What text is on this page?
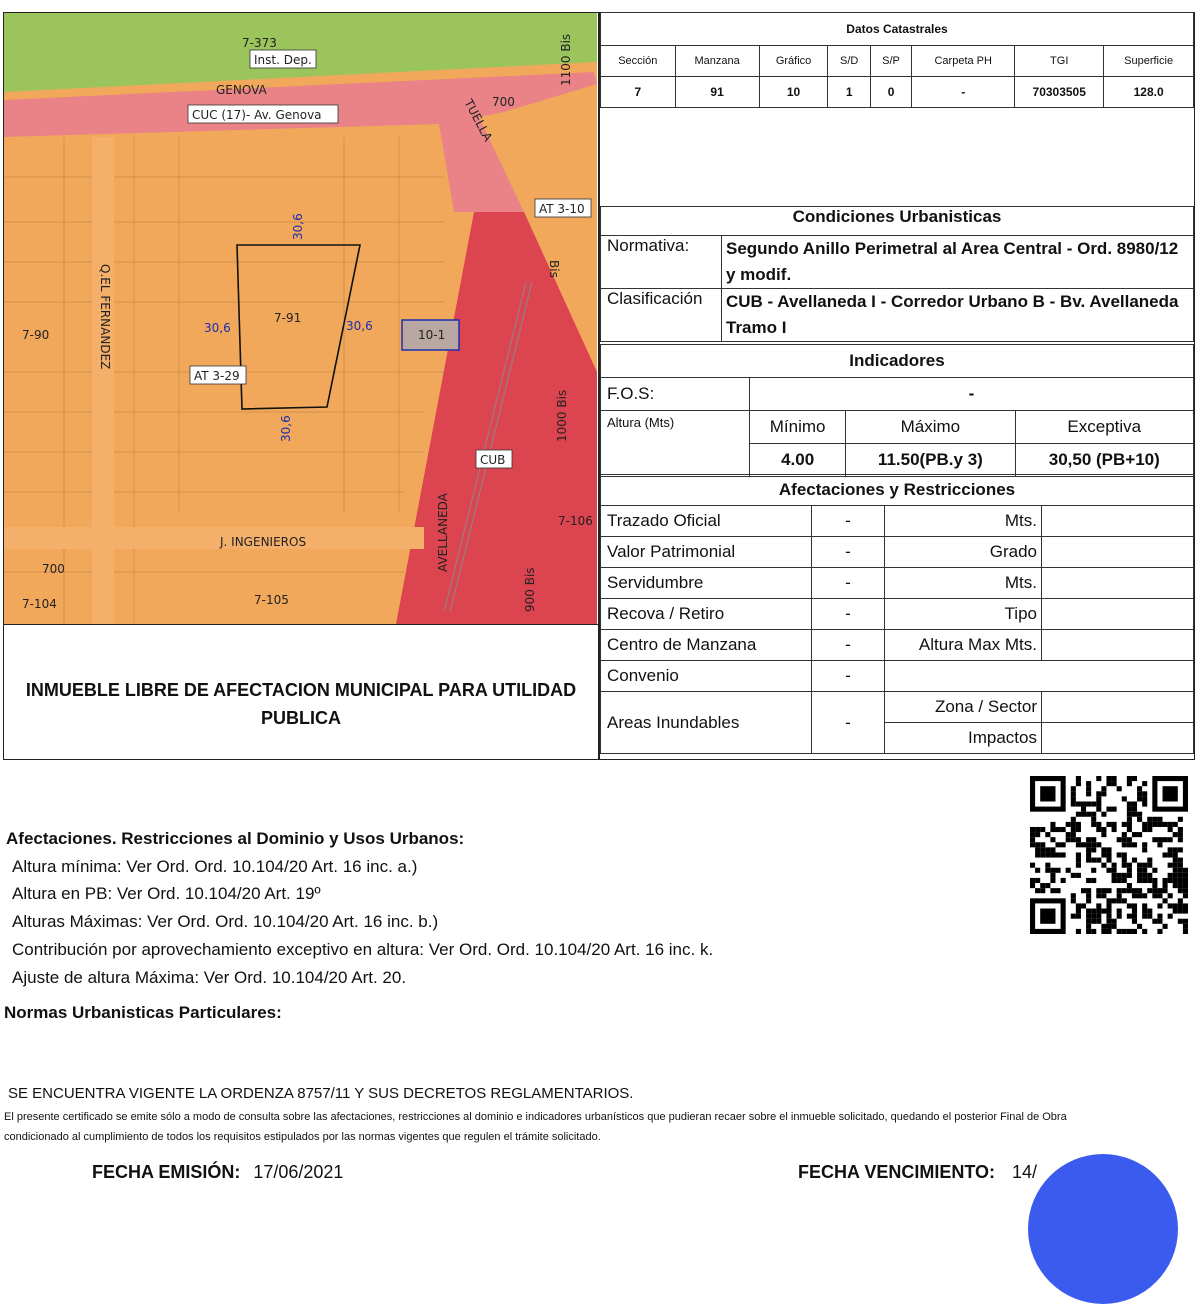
7-373
Inst. Dep.
GENOVA
CUC (17)- Av. Genova	TUELLA
700
1100 Bis
AT 3-10
Bis
Q.EL FERNANDEZ
30,6
30,6	30,6
30,6
7-91
10-1
7-90
AT 3-29
AVELLANEDA
1000 Bis
CUB
7-106
J. INGENIEROS
700
7-104	7-105	900 Bis
INMUEBLE LIBRE DE AFECTACION MUNICIPAL PARA UTILIDAD PUBLICA
Datos Catastrales							
Sección	Manzana	Gráfico	S/D	S/P	Carpeta PH	TGI	Superficie
7	91	10	1	0	-	70303505	128.0
Condiciones Urbanisticas	
Normativa:	Segundo Anillo Perimetral al Area Central - Ord. 8980/12 y modif.
Clasificación	CUB - Avellaneda I - Corredor Urbano B - Bv. Avellaneda Tramo I
Indicadores			
F.O.S:	-		
Altura (Mts)	Mínimo	Máximo	Exceptiva
	4.00	11.50(PB.y 3)	30,50 (PB+10)
Afectaciones y Restricciones			
Trazado Oficial	-	Mts.	
Valor Patrimonial	-	Grado	
Servidumbre	-	Mts.	
Recova / Retiro	-	Tipo	
Centro de Manzana	-	Altura Max Mts.	
Convenio	-		
Areas Inundables	-	Zona / Sector	
		Impactos	
Afectaciones. Restricciones al Dominio y Usos Urbanos:
Altura mínima: Ver Ord. Ord. 10.104/20 Art. 16 inc. a.)
Altura en PB: Ver Ord. 10.104/20 Art. 19º
Alturas Máximas: Ver Ord. Ord. 10.104/20 Art. 16 inc. b.)
Contribución por aprovechamiento exceptivo en altura: Ver Ord. Ord. 10.104/20 Art. 16 inc. k.
Ajuste de altura Máxima: Ver Ord. 10.104/20 Art. 20.
Normas Urbanisticas Particulares:
SE ENCUENTRA VIGENTE LA ORDENZA 8757/11 Y SUS DECRETOS REGLAMENTARIOS.
El presente certificado se emite sólo a modo de consulta sobre las afectaciones, restricciones al dominio e indicadores urbanísticos que pudieran recaer sobre el inmueble solicitado, quedando el posterior Final de Obra
condicionado al cumplimiento de todos los requisitos estipulados por las normas vigentes que regulen el trámite solicitado.
FECHA EMISIÓN: 17/06/2021	FECHA VENCIMIENTO: 14/
